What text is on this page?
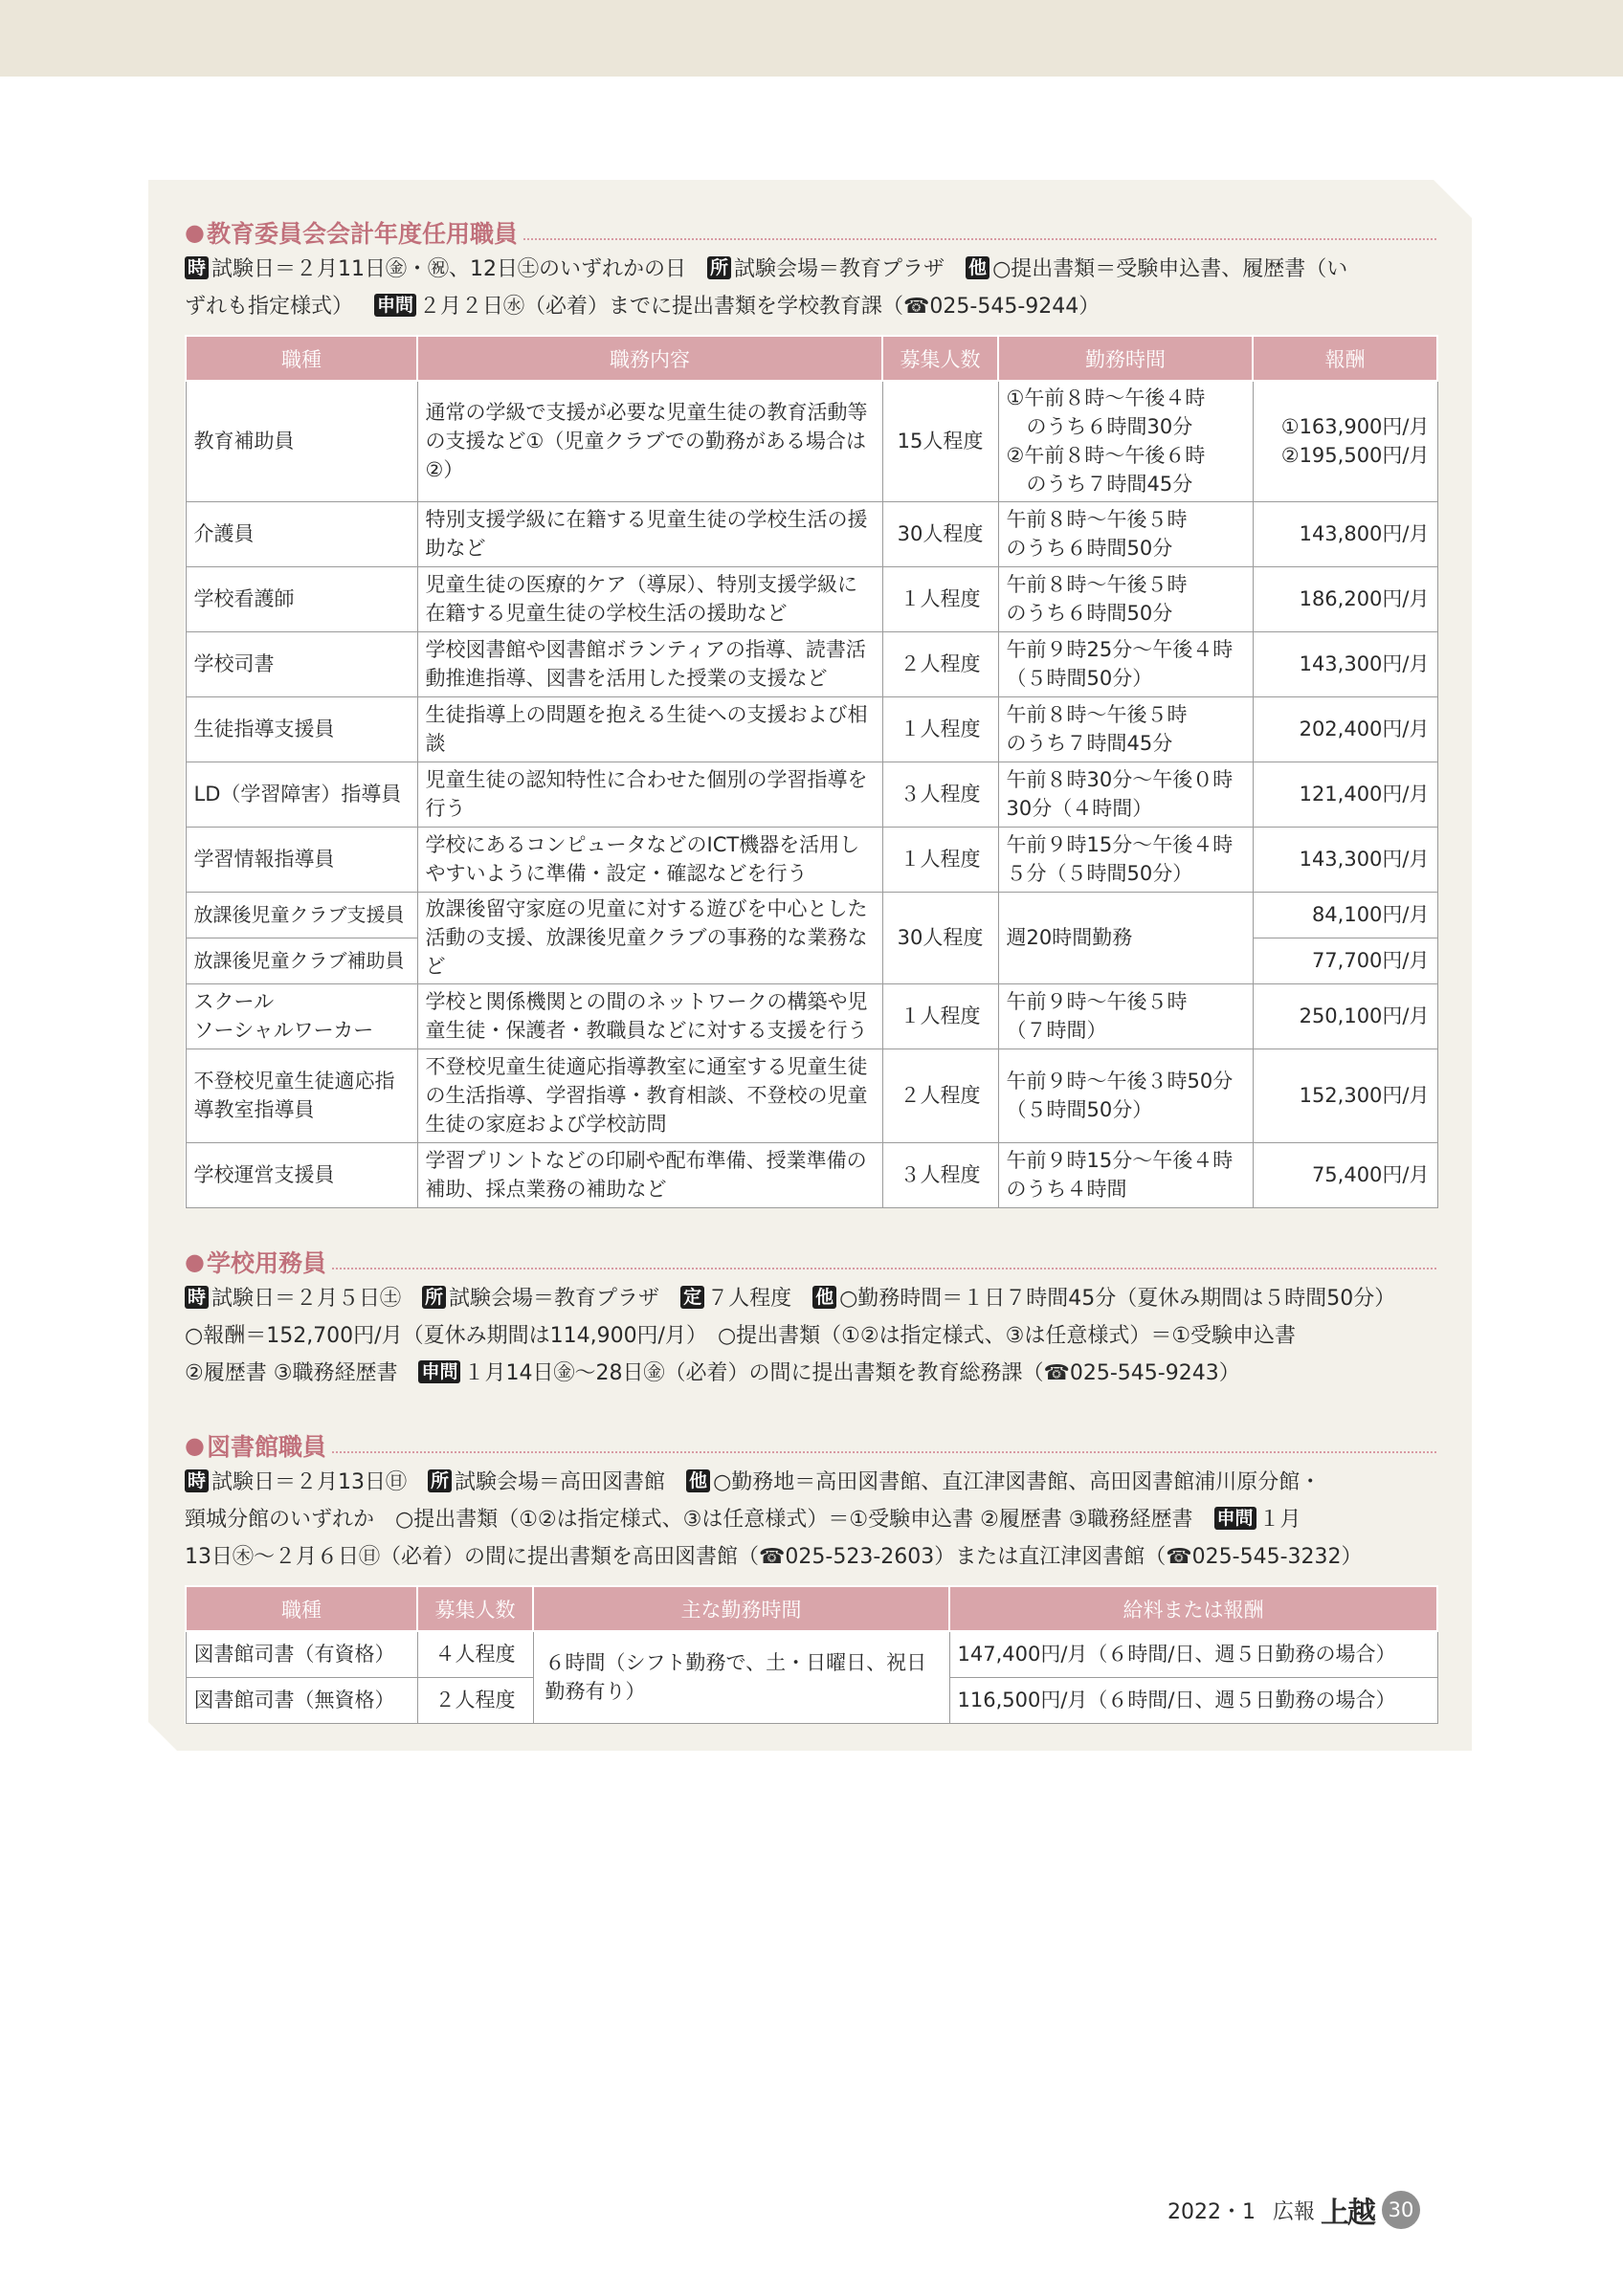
● 教育委員会会計年度任用職員
時 試験日＝２月11日㊎・㊗、12日㊏のいずれかの日 所 試験会場＝教育プラザ 他 ○提出書類＝受験申込書、履歴書（い
ずれも指定様式） 申問 ２月２日㊌（必着）までに提出書類を学校教育課（☎025-545-9244）
職種	職務内容	募集人数	勤務時間	報酬
教育補助員	通常の学級で支援が必要な児童生徒の教育活動等の支援など①（児童クラブでの勤務がある場合は②）	15人程度	①午前８時～午後４時
　のうち６時間30分
②午前８時～午後６時
　のうち７時間45分	①163,900円/月
②195,500円/月
介護員	特別支援学級に在籍する児童生徒の学校生活の援助など	30人程度	午前８時～午後５時
のうち６時間50分	143,800円/月
学校看護師	児童生徒の医療的ケア（導尿）、特別支援学級に在籍する児童生徒の学校生活の援助など	１人程度	午前８時～午後５時
のうち６時間50分	186,200円/月
学校司書	学校図書館や図書館ボランティアの指導、読書活動推進指導、図書を活用した授業の支援など	２人程度	午前９時25分～午後４時
（５時間50分）	143,300円/月
生徒指導支援員	生徒指導上の問題を抱える生徒への支援および相談	１人程度	午前８時～午後５時
のうち７時間45分	202,400円/月
LD（学習障害）指導員	児童生徒の認知特性に合わせた個別の学習指導を行う	３人程度	午前８時30分～午後０時
30分（４時間）	121,400円/月
学習情報指導員	学校にあるコンピュータなどのICT機器を活用しやすいように準備・設定・確認などを行う	１人程度	午前９時15分～午後４時
５分（５時間50分）	143,300円/月
放課後児童クラブ支援員	放課後留守家庭の児童に対する遊びを中心とした活動の支援、放課後児童クラブの事務的な業務など	30人程度	週20時間勤務	84,100円/月
放課後児童クラブ補助員				77,700円/月
スクール
ソーシャルワーカー	学校と関係機関との間のネットワークの構築や児童生徒・保護者・教職員などに対する支援を行う	１人程度	午前９時～午後５時
（７時間）	250,100円/月
不登校児童生徒適応指導教室指導員	不登校児童生徒適応指導教室に通室する児童生徒の生活指導、学習指導・教育相談、不登校の児童生徒の家庭および学校訪問	２人程度	午前９時～午後３時50分
（５時間50分）	152,300円/月
学校運営支援員	学習プリントなどの印刷や配布準備、授業準備の補助、採点業務の補助など	３人程度	午前９時15分～午後４時
のうち４時間	75,400円/月
● 学校用務員
時 試験日＝２月５日㊏ 所 試験会場＝教育プラザ 定 ７人程度 他 ○勤務時間＝１日７時間45分（夏休み期間は５時間50分）
○報酬＝152,700円/月（夏休み期間は114,900円/月）　○提出書類（①②は指定様式、③は任意様式）＝①受験申込書
②履歴書 ③職務経歴書 申問 １月14日㊎～28日㊎（必着）の間に提出書類を教育総務課（☎025-545-9243）
● 図書館職員
時 試験日＝２月13日㊐ 所 試験会場＝高田図書館 他 ○勤務地＝高田図書館、直江津図書館、高田図書館浦川原分館・
頸城分館のいずれか　○提出書類（①②は指定様式、③は任意様式）＝①受験申込書 ②履歴書 ③職務経歴書 申問 １月
13日㊍～２月６日㊐（必着）の間に提出書類を高田図書館（☎025-523-2603）または直江津図書館（☎025-545-3232）
職種	募集人数	主な勤務時間	給料または報酬
図書館司書（有資格）	４人程度	６時間（シフト勤務で、土・日曜日、祝日勤務有り）	147,400円/月（６時間/日、週５日勤務の場合）
図書館司書（無資格）	２人程度		116,500円/月（６時間/日、週５日勤務の場合）
2022・1 広報 上越 30
